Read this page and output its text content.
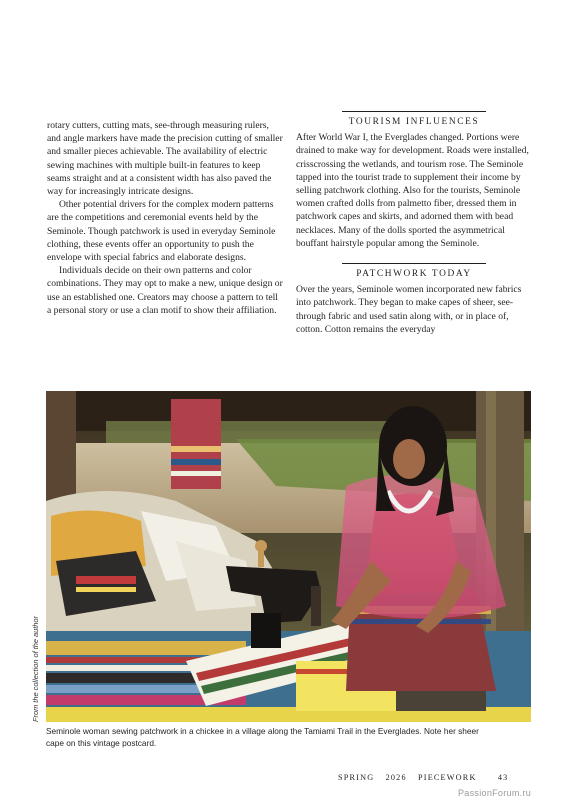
rotary cutters, cutting mats, see-through measuring rulers, and angle markers have made the precision cutting of smaller and smaller pieces achievable. The availability of electric sewing machines with multiple built-in features to keep seams straight and at a consistent width has also paved the way for increasingly intricate designs.

Other potential drivers for the complex modern patterns are the competitions and ceremonial events held by the Seminole. Though patchwork is used in everyday Seminole clothing, these events offer an opportunity to push the envelope with special fabrics and elaborate designs.

Individuals decide on their own patterns and color combinations. They may opt to make a new, unique design or use an established one. Creators may choose a pattern to tell a personal story or use a clan motif to show their affiliation.

TOURISM INFLUENCES

After World War I, the Everglades changed. Portions were drained to make way for development. Roads were installed, crisscrossing the wetlands, and tourism rose. The Seminole tapped into the tourist trade to supplement their income by selling patchwork clothing. Also for the tourists, Seminole women crafted dolls from palmetto fiber, dressed them in patchwork capes and skirts, and adorned them with bead necklaces. Many of the dolls sported the asymmetrical bouffant hairstyle popular among the Seminole.

PATCHWORK TODAY

Over the years, Seminole women incorporated new fabrics into patchwork. They began to make capes of sheer, see-through fabric and used satin along with, or in place of, cotton. Cotton remains the everyday

From the collection of the author
Seminole woman sewing patchwork in a chickee in a village along the Tamiami Trail in the Everglades. Note her sheer cape on this vintage postcard.
SPRING 2026 PIECEWORK	43
PassionForum.ru
